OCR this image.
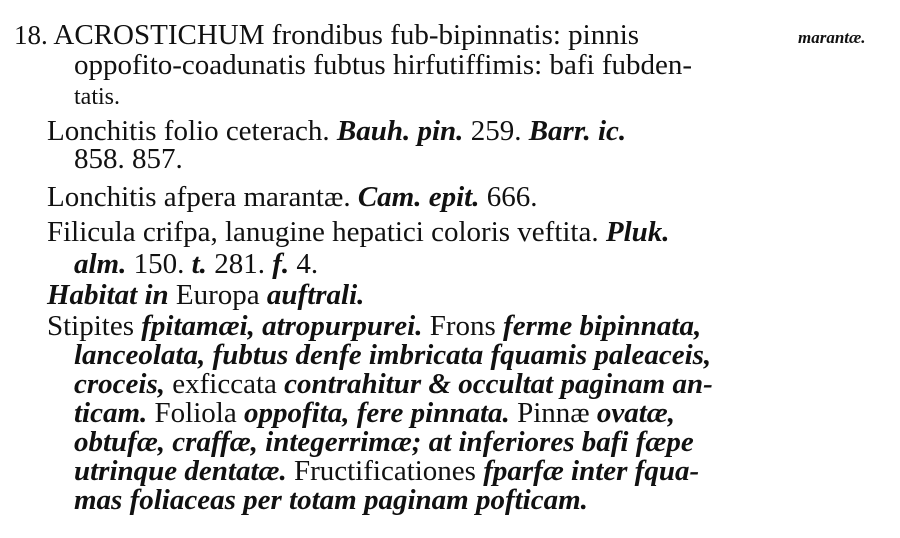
18. ACROSTICHUM frondibus fub-bipinnatis: pinnis	marantæ.
oppofito-coadunatis fubtus hirfutiffimis: bafi fubden-
tatis.
Lonchitis folio ceterach. Bauh. pin. 259. Barr. ic.
858. 857.
Lonchitis afpera marantæ. Cam. epit. 666.
Filicula crifpa, lanugine hepatici coloris veftita. Pluk.
alm. 150. t. 281. f. 4.
Habitat in Europa auftrali.
Stipites fpitamæi, atropurpurei. Frons ferme bipinnata,
lanceolata, fubtus denfe imbricata fquamis paleaceis,
croceis, exficcata contrahitur & occultat paginam an-
ticam. Foliola oppofita, fere pinnata. Pinnæ ovatæ,
obtufæ, craffæ, integerrimæ; at inferiores bafi fæpe
utrinque dentatæ. Fructificationes fparfæ inter fqua-
mas foliaceas per totam paginam pofticam.
